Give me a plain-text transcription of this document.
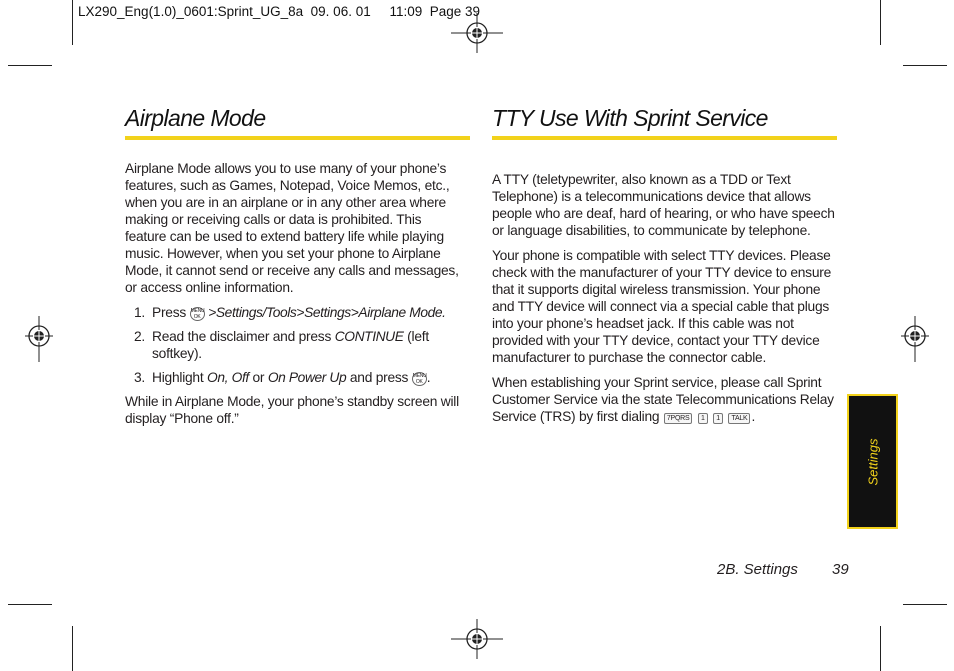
LX290_Eng(1.0)_0601:Sprint_UG_8a  09. 06. 01     11:09  Page 39
Airplane Mode

Airplane Mode allows you to use many of your phone’s features, such as Games, Notepad, Voice Memos, etc., when you are in an airplane or in any other area where making or receiving calls or data is prohibited. This feature can be used to extend battery life while playing music. However, when you set your phone to Airplane Mode, it cannot send or receive any calls and messages, or access online information.

1. Press MENU OK >Settings/Tools>Settings>Airplane Mode.
2. Read the disclaimer and press CONTINUE (left softkey).
3. Highlight On, Off or On Power Up and press MENU OK .

While in Airplane Mode, your phone’s standby screen will display “Phone off.”

TTY Use With Sprint Service

A TTY (teletypewriter, also known as a TDD or Text Telephone) is a telecommunications device that allows people who are deaf, hard of hearing, or who have speech or language disabilities, to communicate by telephone.

Your phone is compatible with select TTY devices. Please check with the manufacturer of your TTY device to ensure that it supports digital wireless transmission. Your phone and TTY device will connect via a special cable that plugs into your phone’s headset jack. If this cable was not provided with your TTY device, contact your TTY device manufacturer to purchase the connector cable.

When establishing your Sprint service, please call Sprint Customer Service via the state Telecommunications Relay Service (TRS) by first dialing 7PQRS 1 1 TALK .

Settings
2B. Settings 39
